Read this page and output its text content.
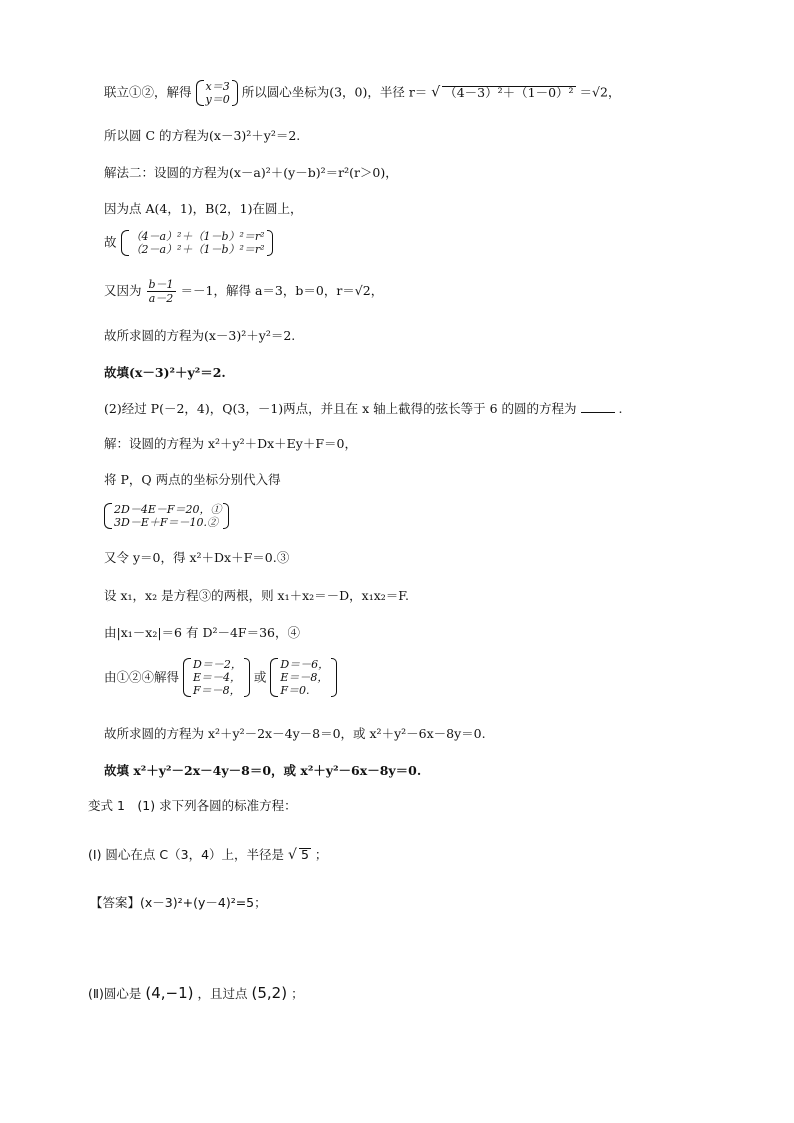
联立①②，解得 x＝3
y＝0 所以圆心坐标为(3，0)，半径 r＝ √ （4－3）²＋（1－0）² ＝√2，
所以圆 C 的方程为(x－3)²＋y²＝2.
解法二：设圆的方程为(x－a)²＋(y－b)²＝r²(r＞0)，
因为点 A(4，1)，B(2，1)在圆上，
故 （4－a）²＋（1－b）²＝r²
（2－a）²＋（1－b）²＝r²
又因为 $\frac{b-1}{a-2} =-1$，解得 a＝3，b＝0，r＝√2，
故所求圆的方程为(x－3)²＋y²＝2.
故填(x－3)²＋y²＝2.
(2)经过 P(－2，4)，Q(3，－1)两点，并且在 x 轴上截得的弦长等于 6 的圆的方程为	.
解：设圆的方程为 x²＋y²＋Dx＋Ey＋F＝0，
将 P，Q 两点的坐标分别代入得
2D－4E－F＝20，①
3D－E＋F＝－10.②
又令 y＝0，得 x²＋Dx＋F＝0.③
设 x₁，x₂ 是方程③的两根，则 x₁＋x₂＝－D，x₁x₂＝F.
由|x₁－x₂|＝6 有 D²－4F＝36，④
由①②④解得
D＝－2，
E＝－4，
F＝－8，
或
D＝－6，
E＝－8，
F＝0.
故所求圆的方程为 x²＋y²－2x－4y－8＝0，或 x²＋y²－6x－8y＝0.
故填 x²＋y²－2x－4y－8＝0，或 x²＋y²－6x－8y＝0.
变式 1　(1) 求下列各圆的标准方程：
(Ⅰ) 圆心在点 C（3，4）上，半径是 √ 5 ；
【答案】(x－3)²+(y－4)²=5；
(Ⅱ)圆心是 (4,−1) ，且过点 (5,2) ；
